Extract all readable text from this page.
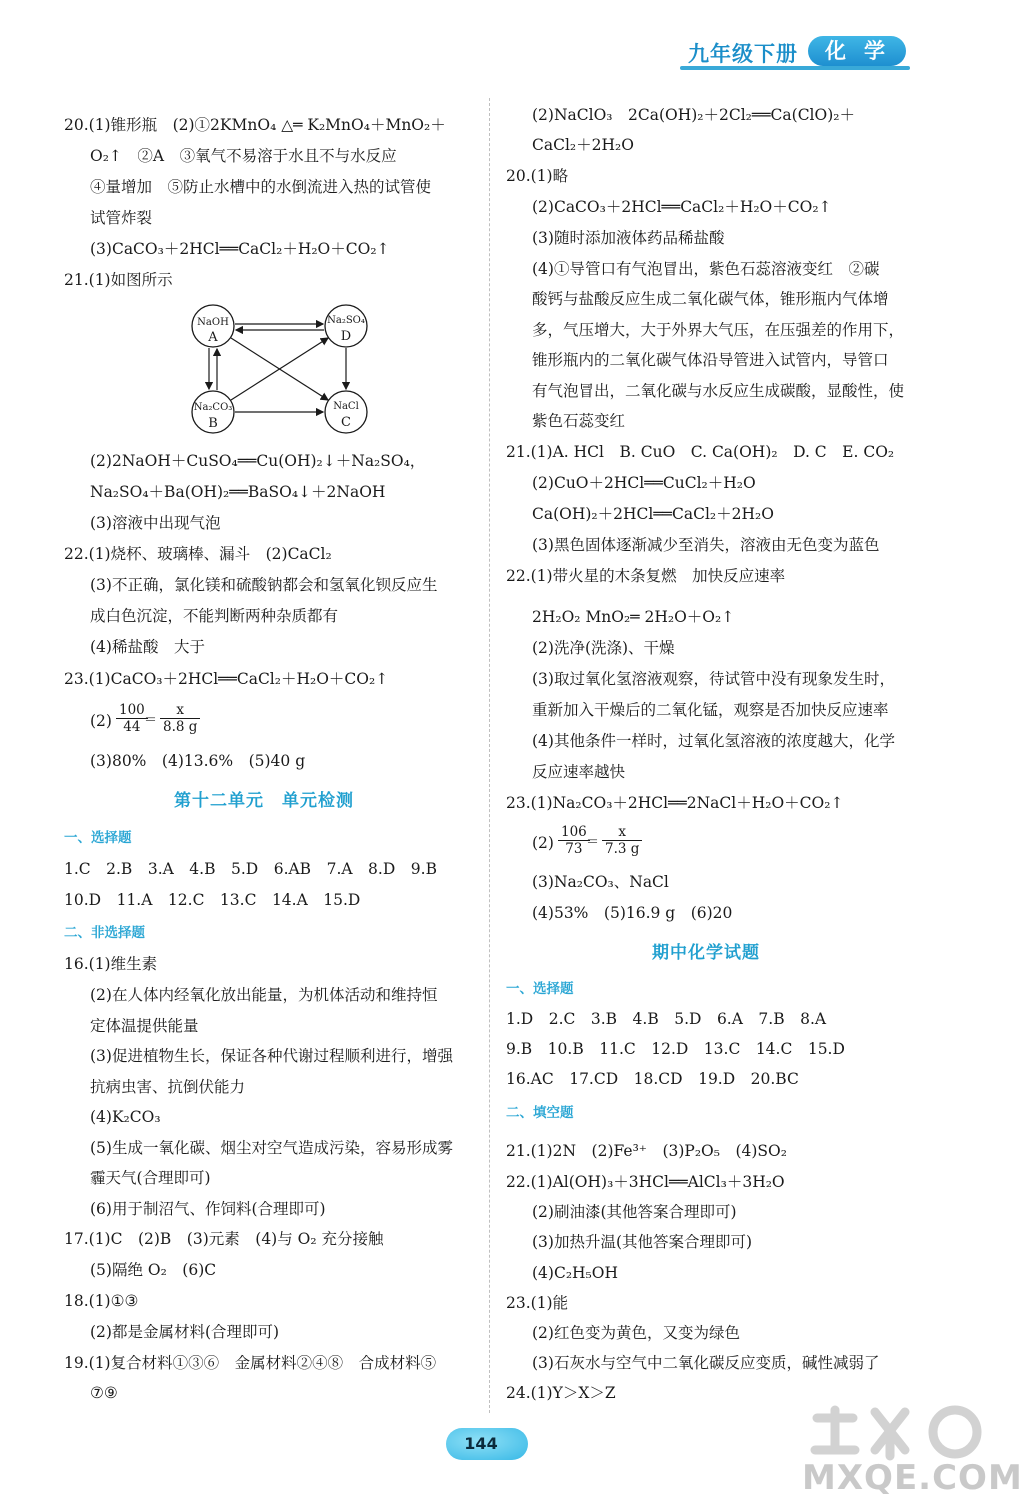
九年级下册	化学
20.(1)锥形瓶　(2)①2KMnO₄ △═ K₂MnO₄＋MnO₂＋
O₂↑　②A　③氧气不易溶于水且不与水反应
④量增加　⑤防止水槽中的水倒流进入热的试管使
试管炸裂
(3)CaCO₃＋2HCl══CaCl₂＋H₂O＋CO₂↑
21.(1)如图所示
NaOH
A
Na₂SO₄
D
Na₂CO₃
B
NaCl
C
(2)2NaOH＋CuSO₄══Cu(OH)₂↓＋Na₂SO₄，
Na₂SO₄＋Ba(OH)₂══BaSO₄↓＋2NaOH
(3)溶液中出现气泡
22.(1)烧杯、玻璃棒、漏斗　(2)CaCl₂
(3)不正确，氯化镁和硫酸钠都会和氢氧化钡反应生
成白色沉淀，不能判断两种杂质都有
(4)稀盐酸　大于
23.(1)CaCO₃＋2HCl══CaCl₂＋H₂O＋CO₂↑
$(2) \frac{100}{44}$
＝ $\frac{x}{8.8 g}$
(3)80%　(4)13.6%　(5)40 g
第十二单元　单元检测
一、选择题
1.C　2.B　3.A　4.B　5.D　6.AB　7.A　8.D　9.B
10.D　11.A　12.C　13.C　14.A　15.D
二、非选择题
16.(1)维生素
(2)在人体内经氧化放出能量，为机体活动和维持恒
定体温提供能量
(3)促进植物生长，保证各种代谢过程顺利进行，增强
抗病虫害、抗倒伏能力
(4)K₂CO₃
(5)生成一氧化碳、烟尘对空气造成污染，容易形成雾
霾天气(合理即可)
(6)用于制沼气、作饲料(合理即可)
17.(1)C　(2)B　(3)元素　(4)与 O₂ 充分接触
(5)隔绝 O₂　(6)C
18.(1)①③
(2)都是金属材料(合理即可)
19.(1)复合材料①③⑥　金属材料②④⑧　合成材料⑤
⑦⑨
(2)NaClO₃　2Ca(OH)₂＋2Cl₂══Ca(ClO)₂＋
CaCl₂＋2H₂O
20.(1)略
(2)CaCO₃＋2HCl══CaCl₂＋H₂O＋CO₂↑
(3)随时添加液体药品稀盐酸
(4)①导管口有气泡冒出，紫色石蕊溶液变红　②碳
酸钙与盐酸反应生成二氧化碳气体，锥形瓶内气体增
多，气压增大，大于外界大气压，在压强差的作用下，
锥形瓶内的二氧化碳气体沿导管进入试管内，导管口
有气泡冒出，二氧化碳与水反应生成碳酸，显酸性，使
紫色石蕊变红
21.(1)A. HCl　B. CuO　C. Ca(OH)₂　D. C　E. CO₂
(2)CuO＋2HCl══CuCl₂＋H₂O
Ca(OH)₂＋2HCl══CaCl₂＋2H₂O
(3)黑色固体逐渐减少至消失，溶液由无色变为蓝色
22.(1)带火星的木条复燃　加快反应速率
2H₂O₂ MnO₂═ 2H₂O＋O₂↑
(2)洗净(洗涤)、干燥
(3)取过氧化氢溶液观察，待试管中没有现象发生时，
重新加入干燥后的二氧化锰，观察是否加快反应速率
(4)其他条件一样时，过氧化氢溶液的浓度越大，化学
反应速率越快
23.(1)Na₂CO₃＋2HCl══2NaCl＋H₂O＋CO₂↑
$(2) \frac{106}{73}$
＝ $\frac{x}{7.3 g}$
(3)Na₂CO₃、NaCl
(4)53%　(5)16.9 g　(6)20
期中化学试题
一、选择题
1.D　2.C　3.B　4.B　5.D　6.A　7.B　8.A
9.B　10.B　11.C　12.D　13.C　14.C　15.D
16.AC　17.CD　18.CD　19.D　20.BC
二、填空题
21.(1)2N　(2)Fe³⁺　(3)P₂O₅　(4)SO₂
22.(1)Al(OH)₃＋3HCl══AlCl₃＋3H₂O
(2)刷油漆(其他答案合理即可)
(3)加热升温(其他答案合理即可)
(4)C₂H₅OH
23.(1)能
(2)红色变为黄色，又变为绿色
(3)石灰水与空气中二氧化碳反应变质，碱性减弱了
24.(1)Y＞X＞Z
144
MXQE.COM
